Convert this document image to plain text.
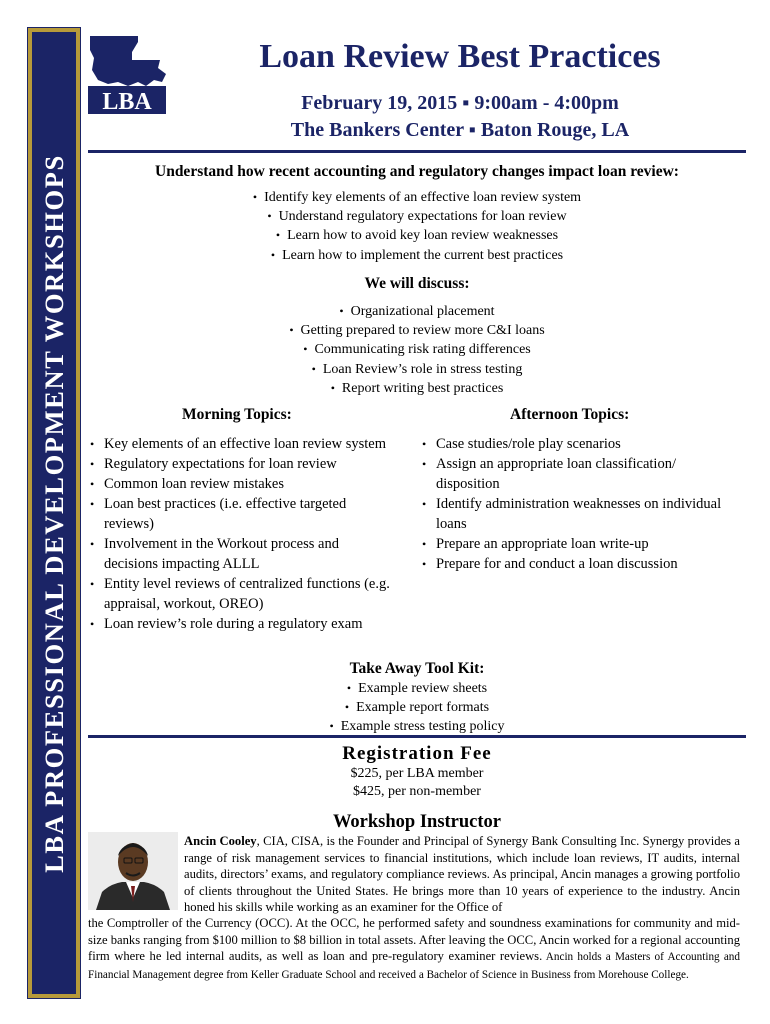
LBA PROFESSIONAL DEVELOPMENT WORKSHOPS
LBA
Loan Review Best Practices
February 19, 2015 ▪ 9:00am - 4:00pm
The Bankers Center ▪ Baton Rouge, LA
Understand how recent accounting and regulatory changes impact loan review:
• Identify key elements of an effective loan review system
• Understand regulatory expectations for loan review
• Learn how to avoid key loan review weaknesses
• Learn how to implement the current best practices
We will discuss:
• Organizational placement
• Getting prepared to review more C&I loans
• Communicating risk rating differences
• Loan Review’s role in stress testing
• Report writing best practices
Morning Topics:	Afternoon Topics:
• Key elements of an effective loan review system
• Regulatory expectations for loan review
• Common loan review mistakes
• Loan best practices (i.e. effective targeted reviews)
• Involvement in the Workout process and decisions impacting ALLL
• Entity level reviews of centralized functions (e.g. appraisal, workout, OREO)
• Loan review’s role during a regulatory exam
• Case studies/role play scenarios
• Assign an appropriate loan classification/ disposition
• Identify administration weaknesses on individual loans
• Prepare an appropriate loan write-up
• Prepare for and conduct a loan discussion
Take Away Tool Kit:
• Example review sheets
• Example report formats
• Example stress testing policy
Registration Fee
$225, per LBA member
$425, per non-member
Workshop Instructor
Ancin Cooley, CIA, CISA, is the Founder and Principal of Synergy Bank Consulting Inc. Synergy provides a range of risk management services to financial institutions, which include loan reviews, IT audits, internal audits, directors’ exams, and regulatory compliance reviews. As principal, Ancin manages a growing portfolio of clients throughout the United States. He brings more than 10 years of experience to the industry. Ancin honed his skills while working as an examiner for the Office of
the Comptroller of the Currency (OCC). At the OCC, he performed safety and soundness examinations for community and mid-size banks ranging from $100 million to $8 billion in total assets. After leaving the OCC, Ancin worked for a regional accounting firm where he led internal audits, as well as loan and pre-regulatory examiner reviews. Ancin holds a Masters of Accounting and Financial Management degree from Keller Graduate School and received a Bachelor of Science in Business from Morehouse College.
